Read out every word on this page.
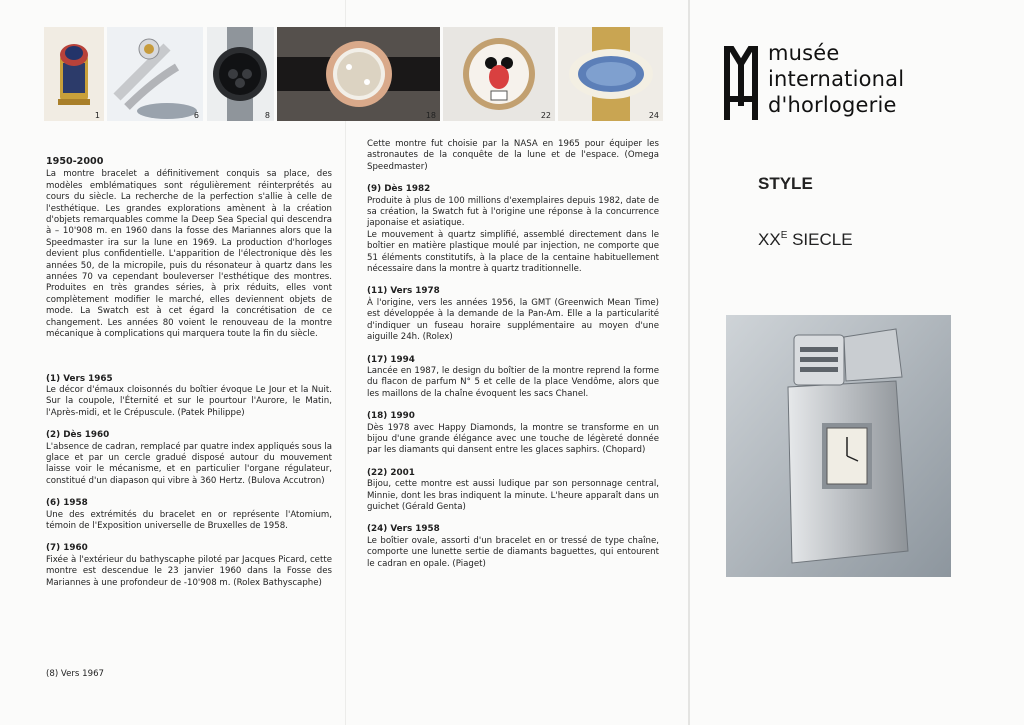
1	6	8	18	22	24
1950-2000

La montre bracelet a définitivement conquis sa place, des modèles emblématiques sont régulièrement réinterprétés au cours du siècle. La recherche de la perfection s'allie à celle de l'esthétique. Les grandes explorations amènent à la création d'objets remarquables comme la Deep Sea Special qui descendra à – 10'908 m. en 1960 dans la fosse des Mariannes alors que la Speedmaster ira sur la lune en 1969. La production d'horloges devient plus confidentielle. L'apparition de l'électronique dès les années 50, de la micropile, puis du résonateur à quartz dans les années 70 va cependant bouleverser l'esthétique des montres. Produites en très grandes séries, à prix réduits, elles vont complètement modifier le marché, elles deviennent objets de mode. La Swatch est à cet égard la concrétisation de ce changement. Les années 80 voient le renouveau de la montre mécanique à complications qui marquera toute la fin du siècle.

(1) Vers 1965

Le décor d'émaux cloisonnés du boîtier évoque Le Jour et la Nuit. Sur la coupole, l'Éternité et sur le pourtour l'Aurore, le Matin, l'Après-midi, et le Crépuscule. (Patek Philippe)

(2) Dès 1960

L'absence de cadran, remplacé par quatre index appliqués sous la glace et par un cercle gradué disposé autour du mouvement laisse voir le mécanisme, et en particulier l'organe régulateur, constitué d'un diapason qui vibre à 360 Hertz. (Bulova Accutron)

(6) 1958

Une des extrémités du bracelet en or représente l'Atomium, témoin de l'Exposition universelle de Bruxelles de 1958.

(7) 1960

Fixée à l'extérieur du bathyscaphe piloté par Jacques Picard, cette montre est descendue le 23 janvier 1960 dans la Fosse des Mariannes à une profondeur de -10'908 m. (Rolex Bathyscaphe)

(8) Vers 1967

Cette montre fut choisie par la NASA en 1965 pour équiper les astronautes de la conquête de la lune et de l'espace. (Omega Speedmaster)

(9) Dès 1982

Produite à plus de 100 millions d'exemplaires depuis 1982, date de sa création, la Swatch fut à l'origine une réponse à la concurrence japonaise et asiatique.

Le mouvement à quartz simplifié, assemblé directement dans le boîtier en matière plastique moulé par injection, ne comporte que 51 éléments constitutifs, à la place de la centaine habituellement nécessaire dans la montre à quartz traditionnelle.

(11) Vers 1978

À l'origine, vers les années 1956, la GMT (Greenwich Mean Time) est développée à la demande de la Pan-Am. Elle a la particularité d'indiquer un fuseau horaire supplémentaire au moyen d'une aiguille 24h. (Rolex)

(17) 1994

Lancée en 1987, le design du boîtier de la montre reprend la forme du flacon de parfum N° 5 et celle de la place Vendôme, alors que les maillons de la chaîne évoquent les sacs Chanel.

(18) 1990

Dès 1978 avec Happy Diamonds, la montre se transforme en un bijou d'une grande élégance avec une touche de légèreté donnée par les diamants qui dansent entre les glaces saphirs. (Chopard)

(22) 2001

Bijou, cette montre est aussi ludique par son personnage central, Minnie, dont les bras indiquent la minute. L'heure apparaît dans un guichet (Gérald Genta)

(24) Vers 1958

Le boîtier ovale, assorti d'un bracelet en or tressé de type chaîne, comporte une lunette sertie de diamants baguettes, qui entourent le cadran en opale. (Piaget)

musée
international
d'horlogerie
STYLE
$XX^E$ SIECLE
